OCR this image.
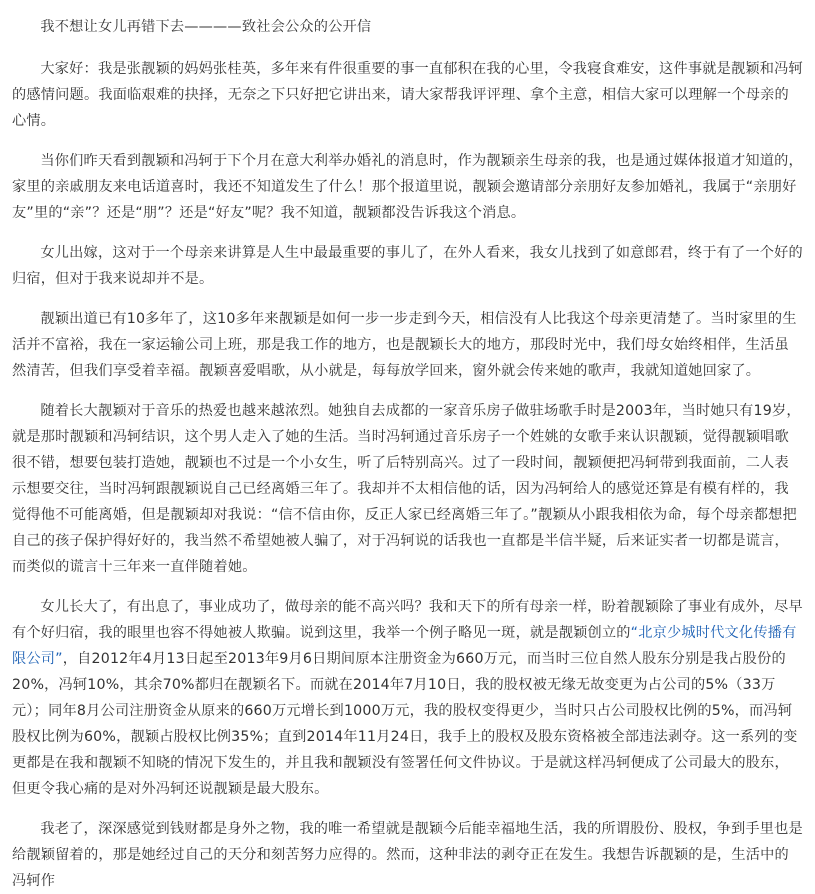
我不想让女儿再错下去————致社会公众的公开信

大家好：我是张靓颖的妈妈张桂英，多年来有件很重要的事一直郁积在我的心里，令我寝食难安，这件事就是靓颖和冯轲的感情问题。我面临艰难的抉择，无奈之下只好把它讲出来，请大家帮我评评理、拿个主意，相信大家可以理解一个母亲的心情。

当你们昨天看到靓颖和冯轲于下个月在意大利举办婚礼的消息时，作为靓颖亲生母亲的我，也是通过媒体报道才知道的，家里的亲戚朋友来电话道喜时，我还不知道发生了什么！那个报道里说，靓颖会邀请部分亲朋好友参加婚礼，我属于“亲朋好友”里的“亲”？还是“朋”？还是“好友”呢？我不知道，靓颖都没告诉我这个消息。

女儿出嫁，这对于一个母亲来讲算是人生中最最重要的事儿了，在外人看来，我女儿找到了如意郎君，终于有了一个好的归宿，但对于我来说却并不是。

靓颖出道已有10多年了，这10多年来靓颖是如何一步一步走到今天，相信没有人比我这个母亲更清楚了。当时家里的生活并不富裕，我在一家运输公司上班，那是我工作的地方，也是靓颖长大的地方，那段时光中，我们母女始终相伴，生活虽然清苦，但我们享受着幸福。靓颖喜爱唱歌，从小就是，每每放学回来，窗外就会传来她的歌声，我就知道她回家了。

随着长大靓颖对于音乐的热爱也越来越浓烈。她独自去成都的一家音乐房子做驻场歌手时是2003年，当时她只有19岁，就是那时靓颖和冯轲结识，这个男人走入了她的生活。当时冯轲通过音乐房子一个姓姚的女歌手来认识靓颖，觉得靓颖唱歌很不错，想要包装打造她，靓颖也不过是一个小女生，听了后特别高兴。过了一段时间，靓颖便把冯轲带到我面前，二人表示想要交往，当时冯轲跟靓颖说自己已经离婚三年了。我却并不太相信他的话，因为冯轲给人的感觉还算是有模有样的，我觉得他不可能离婚，但是靓颖却对我说：“信不信由你，反正人家已经离婚三年了。”靓颖从小跟我相依为命，每个母亲都想把自己的孩子保护得好好的，我当然不希望她被人骗了，对于冯轲说的话我也一直都是半信半疑，后来证实者一切都是谎言，而类似的谎言十三年来一直伴随着她。

女儿长大了，有出息了，事业成功了，做母亲的能不高兴吗？我和天下的所有母亲一样，盼着靓颖除了事业有成外，尽早有个好归宿，我的眼里也容不得她被人欺骗。说到这里，我举一个例子略见一斑，就是靓颖创立的“北京少城时代文化传播有限公司”，自2012年4月13日起至2013年9月6日期间原本注册资金为660万元，而当时三位自然人股东分别是我占股份的20%，冯轲10%，其余70%都归在靓颖名下。而就在2014年7月10日，我的股权被无缘无故变更为占公司的5%（33万元）；同年8月公司注册资金从原来的660万元增长到1000万元，我的股权变得更少，当时只占公司股权比例的5%，而冯轲股权比例为60%，靓颖占股权比例35%；直到2014年11月24日，我手上的股权及股东资格被全部违法剥夺。这一系列的变更都是在我和靓颖不知晓的情况下发生的，并且我和靓颖没有签署任何文件协议。于是就这样冯轲便成了公司最大的股东，但更令我心痛的是对外冯轲还说靓颖是最大股东。

我老了，深深感觉到钱财都是身外之物，我的唯一希望就是靓颖今后能幸福地生活，我的所谓股份、股权，争到手里也是给靓颖留着的，那是她经过自己的天分和刻苦努力应得的。然而，这种非法的剥夺正在发生。我想告诉靓颖的是，生活中的冯轲作
